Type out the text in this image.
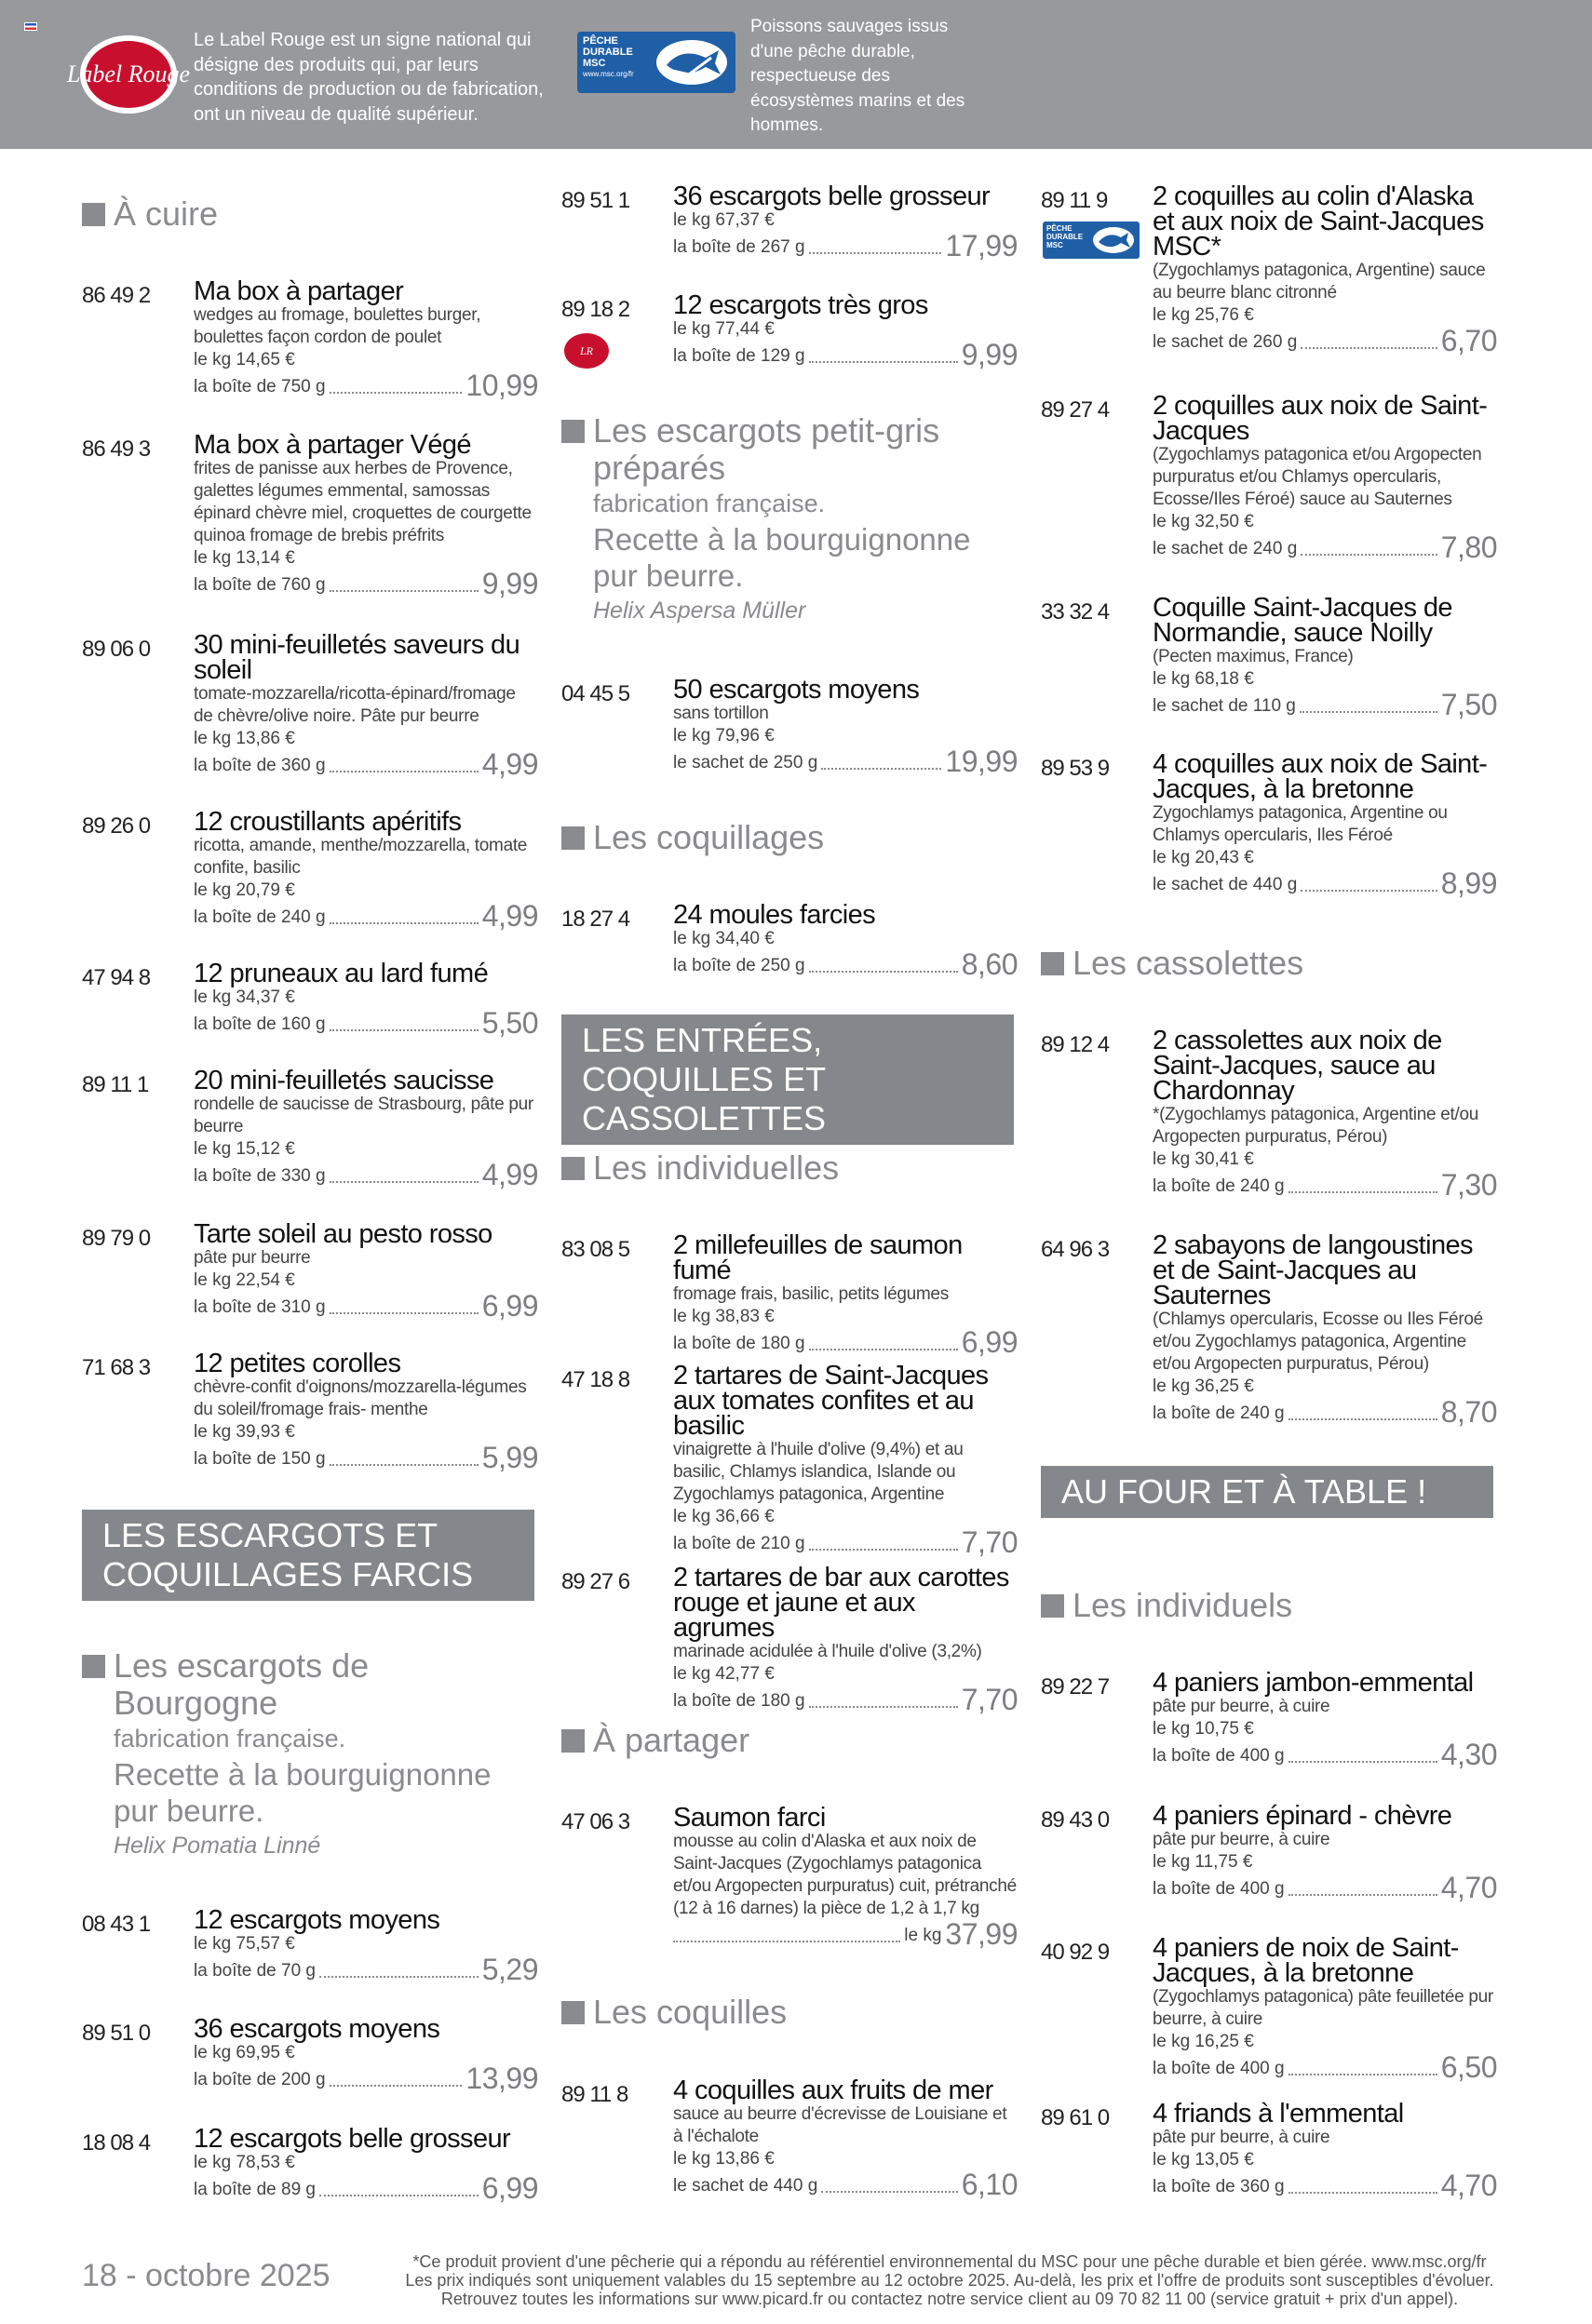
Label Rouge
Le Label Rouge est un signe national qui désigne des produits qui, par leurs conditions de production ou de fabrication, ont un niveau de qualité supérieur.
PÊCHE
DURABLE
MSC
www.msc.org/fr
Poissons sauvages issus d'une pêche durable, respectueuse des écosystèmes marins et des hommes.
À cuire
86 49 2 Ma box à partager
wedges au fromage, boulettes burger, boulettes façon cordon de poulet
le kg 14,65 €
la boîte de 750 g	10,99
86 49 3 Ma box à partager Végé
frites de panisse aux herbes de Provence, galettes légumes emmental, samossas épinard chèvre miel, croquettes de courgette quinoa fromage de brebis préfrits
le kg 13,14 €
la boîte de 760 g	9,99
89 06 0 30 mini-feuilletés saveurs du soleil
tomate-mozzarella/ricotta-épinard/fromage de chèvre/olive noire. Pâte pur beurre
le kg 13,86 €
la boîte de 360 g	4,99
89 26 0 12 croustillants apéritifs
ricotta, amande, menthe/mozzarella, tomate confite, basilic
le kg 20,79 €
la boîte de 240 g	4,99
47 94 8 12 pruneaux au lard fumé
le kg 34,37 €
la boîte de 160 g	5,50
89 11 1 20 mini-feuilletés saucisse
rondelle de saucisse de Strasbourg, pâte pur beurre
le kg 15,12 €
la boîte de 330 g	4,99
89 79 0 Tarte soleil au pesto rosso
pâte pur beurre
le kg 22,54 €
la boîte de 310 g	6,99
71 68 3 12 petites corolles
chèvre-confit d'oignons/mozzarella-légumes du soleil/fromage frais- menthe
le kg 39,93 €
la boîte de 150 g	5,99
LES ESCARGOTS ET COQUILLAGES FARCIS
Les escargots de Bourgogne
fabrication française.
Recette à la bourguignonne pur beurre.
Helix Pomatia Linné
08 43 1 12 escargots moyens
le kg 75,57 €
la boîte de 70 g	5,29
89 51 0 36 escargots moyens
le kg 69,95 €
la boîte de 200 g	13,99
18 08 4 12 escargots belle grosseur
le kg 78,53 €
la boîte de 89 g	6,99
89 51 1 36 escargots belle grosseur
le kg 67,37 €
la boîte de 267 g	17,99
89 18 2
LR
12 escargots très gros
le kg 77,44 €
la boîte de 129 g	9,99
Les escargots petit-gris préparés
fabrication française.
Recette à la bourguignonne pur beurre.
Helix Aspersa Müller
04 45 5 50 escargots moyens
sans tortillon
le kg 79,96 €
le sachet de 250 g	19,99
Les coquillages
18 27 4 24 moules farcies
le kg 34,40 €
la boîte de 250 g	8,60
LES ENTRÉES, COQUILLES ET CASSOLETTES
Les individuelles
83 08 5 2 millefeuilles de saumon fumé
fromage frais, basilic, petits légumes
le kg 38,83 €
la boîte de 180 g	6,99
47 18 8 2 tartares de Saint-Jacques aux tomates confites et au basilic
vinaigrette à l'huile d'olive (9,4%) et au basilic, Chlamys islandica, Islande ou Zygochlamys patagonica, Argentine
le kg 36,66 €
la boîte de 210 g	7,70
89 27 6 2 tartares de bar aux carottes rouge et jaune et aux agrumes
marinade acidulée à l'huile d'olive (3,2%)
le kg 42,77 €
la boîte de 180 g	7,70
À partager
47 06 3 Saumon farci
mousse au colin d'Alaska et aux noix de Saint-Jacques (Zygochlamys patagonica et/ou Argopecten purpuratus) cuit, prétranché (12 à 16 darnes) la pièce de 1,2 à 1,7 kg
le kg 37,99
Les coquilles
89 11 8 4 coquilles aux fruits de mer
sauce au beurre d'écrevisse de Louisiane et à l'échalote
le kg 13,86 €
le sachet de 440 g	6,10
89 11 9
PÊCHE
DURABLE
MSC
2 coquilles au colin d'Alaska et aux noix de Saint-Jacques MSC*
(Zygochlamys patagonica, Argentine) sauce au beurre blanc citronné
le kg 25,76 €
le sachet de 260 g	6,70
89 27 4 2 coquilles aux noix de Saint-Jacques
(Zygochlamys patagonica et/ou Argopecten purpuratus et/ou Chlamys opercularis, Ecosse/Iles Féroé) sauce au Sauternes
le kg 32,50 €
le sachet de 240 g	7,80
33 32 4 Coquille Saint-Jacques de Normandie, sauce Noilly
(Pecten maximus, France)
le kg 68,18 €
le sachet de 110 g	7,50
89 53 9 4 coquilles aux noix de Saint-Jacques, à la bretonne
Zygochlamys patagonica, Argentine ou Chlamys opercularis, Iles Féroé
le kg 20,43 €
le sachet de 440 g	8,99
Les cassolettes
89 12 4 2 cassolettes aux noix de Saint-Jacques, sauce au Chardonnay
*(Zygochlamys patagonica, Argentine et/ou Argopecten purpuratus, Pérou)
le kg 30,41 €
la boîte de 240 g	7,30
64 96 3 2 sabayons de langoustines et de Saint-Jacques au Sauternes
(Chlamys opercularis, Ecosse ou Iles Féroé et/ou Zygochlamys patagonica, Argentine et/ou Argopecten purpuratus, Pérou)
le kg 36,25 €
la boîte de 240 g	8,70
AU FOUR ET À TABLE !
Les individuels
89 22 7 4 paniers jambon-emmental
pâte pur beurre, à cuire
le kg 10,75 €
la boîte de 400 g	4,30
89 43 0 4 paniers épinard - chèvre
pâte pur beurre, à cuire
le kg 11,75 €
la boîte de 400 g	4,70
40 92 9 4 paniers de noix de Saint-Jacques, à la bretonne
(Zygochlamys patagonica) pâte feuilletée pur beurre, à cuire
le kg 16,25 €
la boîte de 400 g	6,50
89 61 0 4 friands à l'emmental
pâte pur beurre, à cuire
le kg 13,05 €
la boîte de 360 g	4,70
18 - octobre 2025	*Ce produit provient d'une pêcherie qui a répondu au référentiel environnemental du MSC pour une pêche durable et bien gérée. www.msc.org/fr
Les prix indiqués sont uniquement valables du 15 septembre au 12 octobre 2025. Au-delà, les prix et l'offre de produits sont susceptibles d'évoluer.
Retrouvez toutes les informations sur www.picard.fr ou contactez notre service client au 09 70 82 11 00 (service gratuit + prix d'un appel).
